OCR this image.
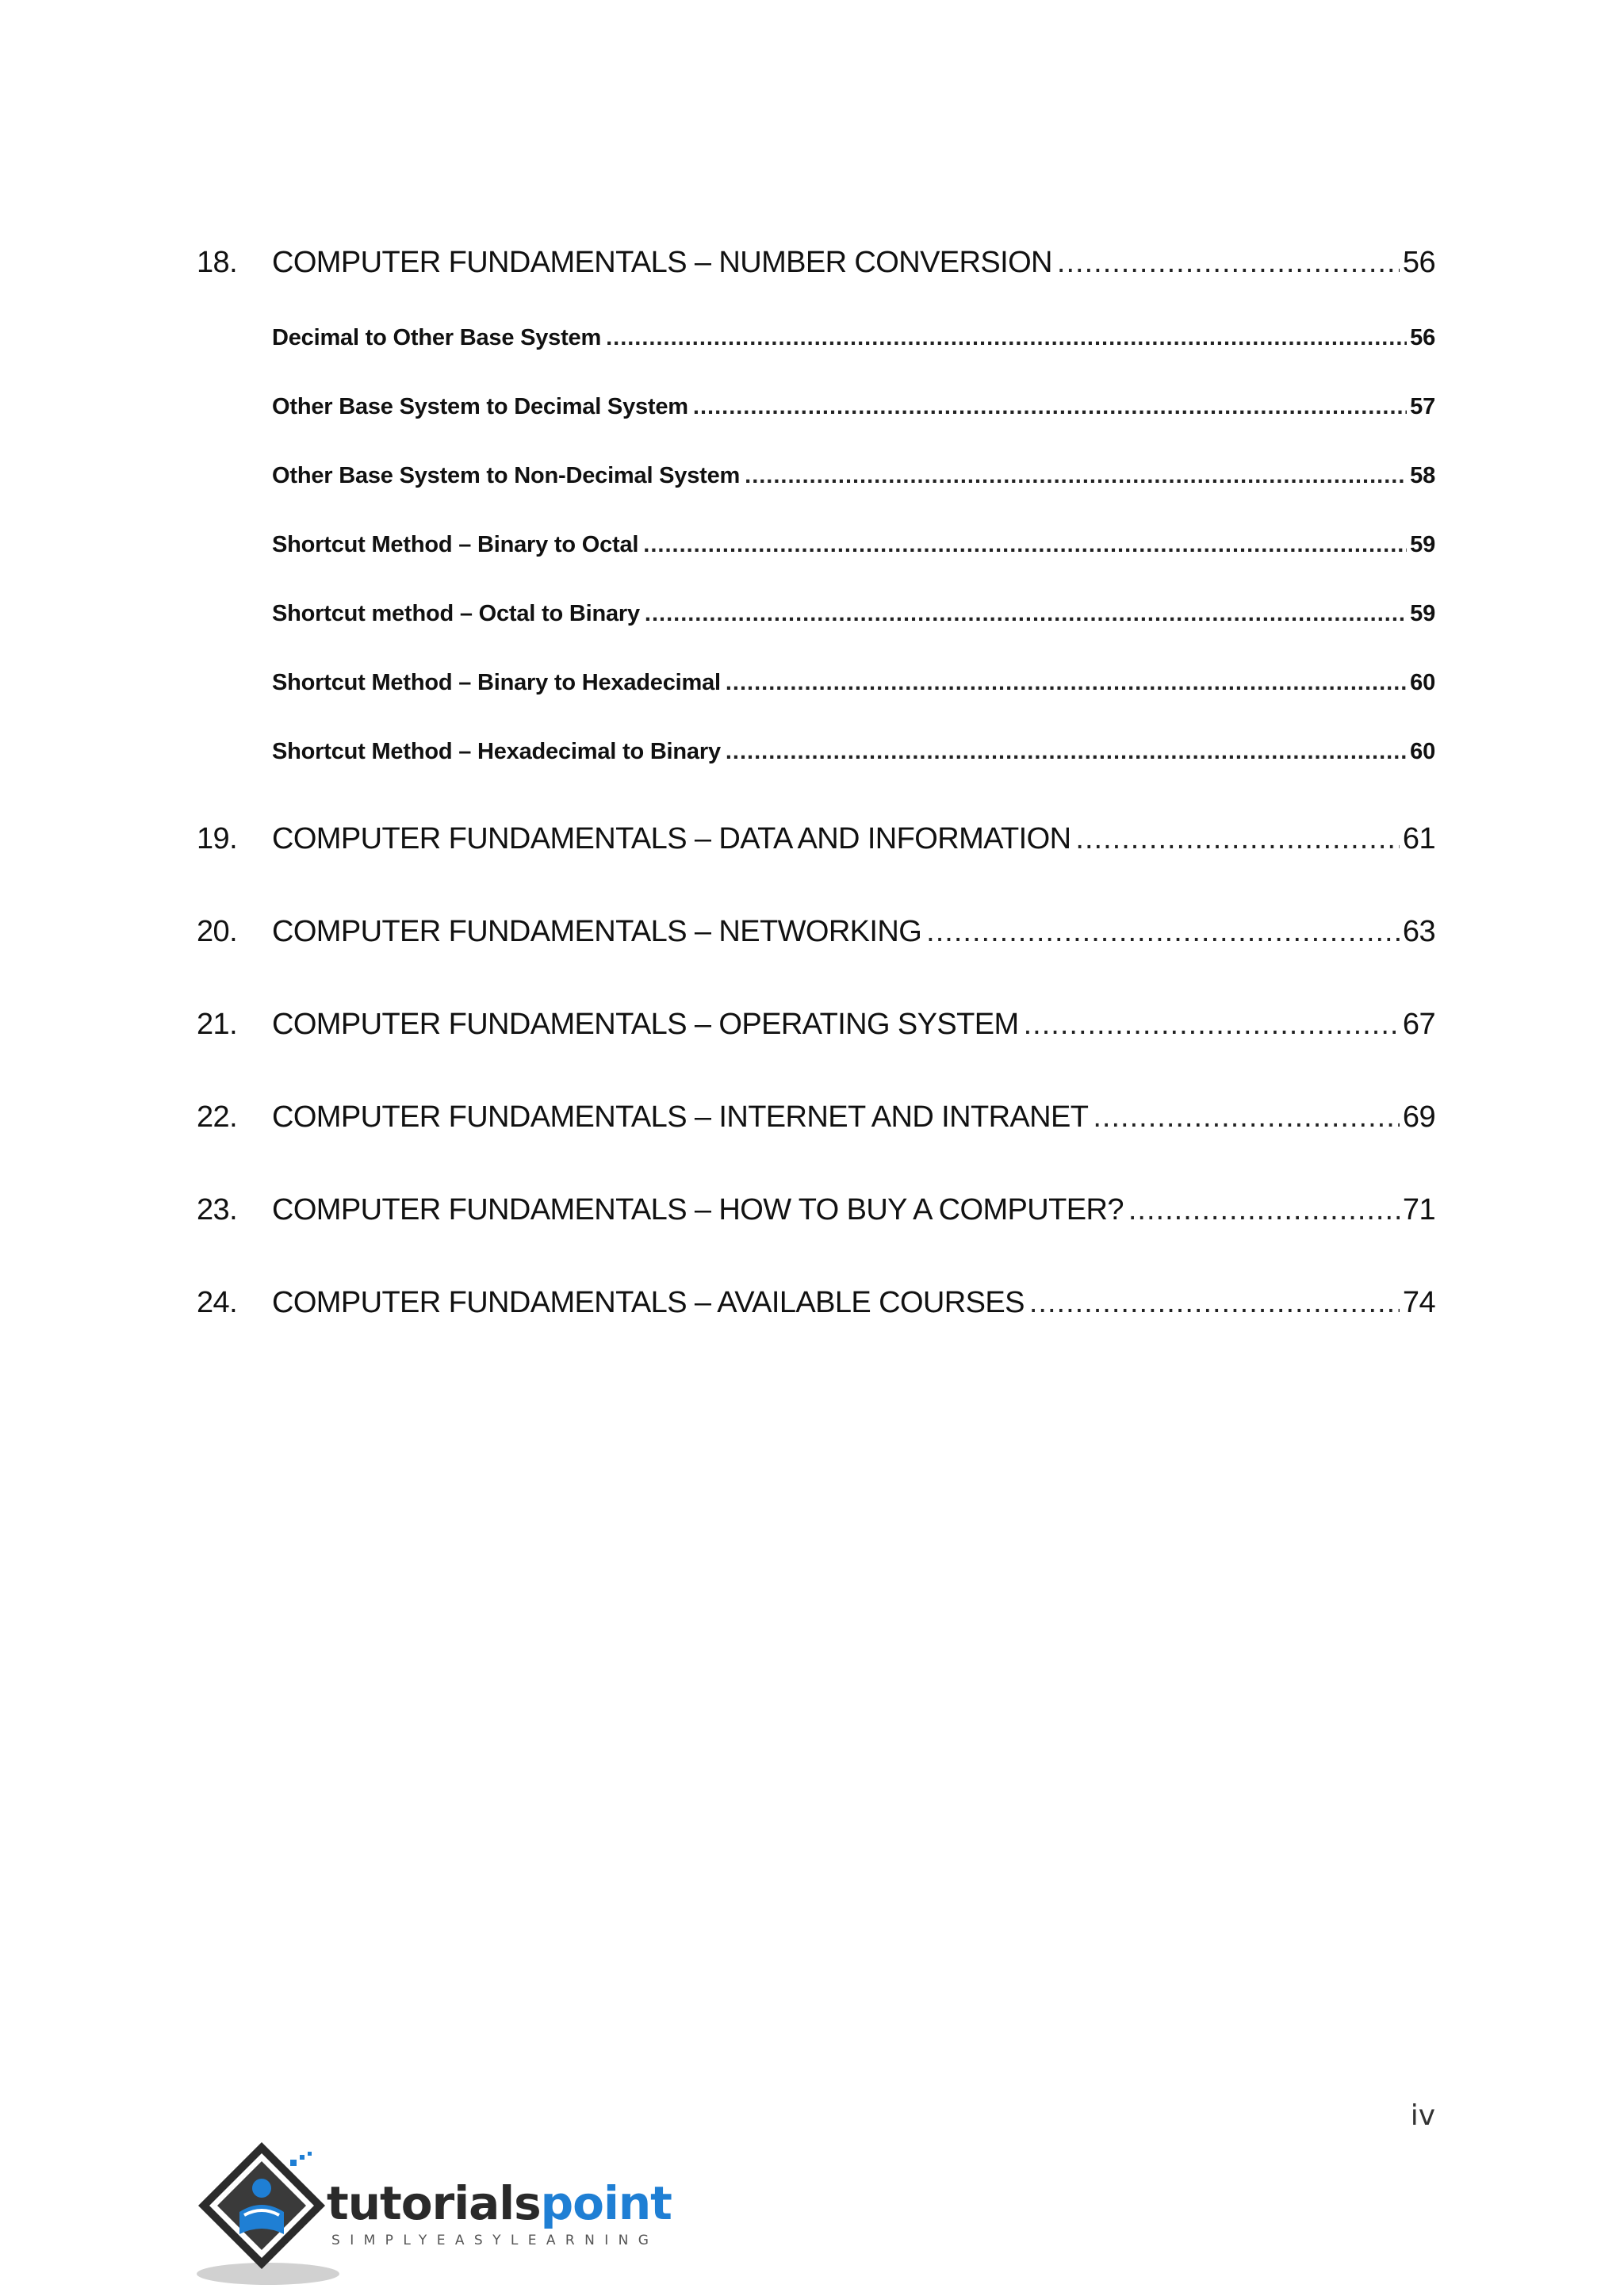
18.	COMPUTER FUNDAMENTALS – NUMBER CONVERSION .....	56
Decimal to Other Base System .....	56
Other Base System to Decimal System .....	57
Other Base System to Non-Decimal System .....	58
Shortcut Method – Binary to Octal .....	59
Shortcut method – Octal to Binary .....	59
Shortcut Method – Binary to Hexadecimal .....	60
Shortcut Method – Hexadecimal to Binary .....	60
19.	COMPUTER FUNDAMENTALS – DATA AND INFORMATION .....	61
20.	COMPUTER FUNDAMENTALS – NETWORKING .....	63
21.	COMPUTER FUNDAMENTALS – OPERATING SYSTEM .....	67
22.	COMPUTER FUNDAMENTALS – INTERNET AND INTRANET .....	69
23.	COMPUTER FUNDAMENTALS – HOW TO BUY A COMPUTER? .....	71
24.	COMPUTER FUNDAMENTALS – AVAILABLE COURSES .....	74
iv
tutorialspoint
SIMPLYEASYLEARNING
